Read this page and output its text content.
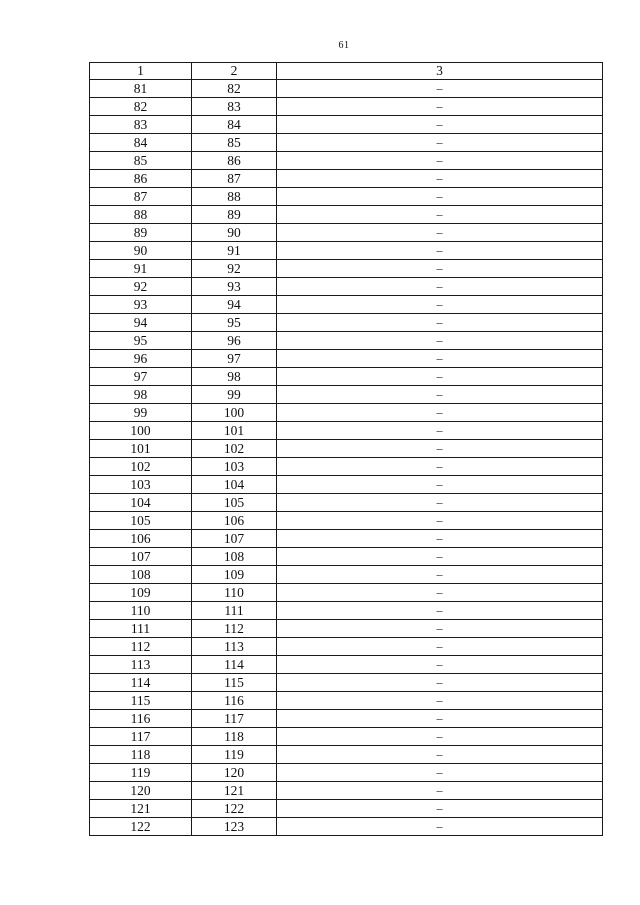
61
1	2	3
81	82	–
82	83	–
83	84	–
84	85	–
85	86	–
86	87	–
87	88	–
88	89	–
89	90	–
90	91	–
91	92	–
92	93	–
93	94	–
94	95	–
95	96	–
96	97	–
97	98	–
98	99	–
99	100	–
100	101	–
101	102	–
102	103	–
103	104	–
104	105	–
105	106	–
106	107	–
107	108	–
108	109	–
109	110	–
110	111	–
111	112	–
112	113	–
113	114	–
114	115	–
115	116	–
116	117	–
117	118	–
118	119	–
119	120	–
120	121	–
121	122	–
122	123	–
